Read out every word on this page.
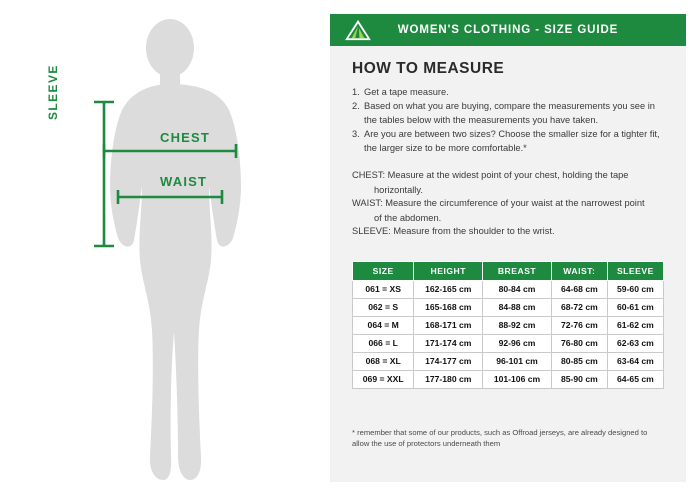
CHEST
WAIST
SLEEVE
WOMEN'S CLOTHING - SIZE GUIDE
HOW TO MEASURE
1. Get a tape measure.
2. Based on what you are buying, compare the measurements you see in the tables below with the measurements you have taken.
3. Are you are between two sizes? Choose the smaller size for a tighter fit, the larger size to be more comfortable.*
CHEST: Measure at the widest point of your chest, holding the tape
horizontally.
WAIST: Measure the circumference of your waist at the narrowest point
of the abdomen.
SLEEVE: Measure from the shoulder to the wrist.
SIZE	HEIGHT	BREAST	WAIST:	SLEEVE
061 = XS	162-165 cm	80-84 cm	64-68 cm	59-60 cm
062 = S	165-168 cm	84-88 cm	68-72 cm	60-61 cm
064 = M	168-171 cm	88-92 cm	72-76 cm	61-62 cm
066 = L	171-174 cm	92-96 cm	76-80 cm	62-63 cm
068 = XL	174-177 cm	96-101 cm	80-85 cm	63-64 cm
069 = XXL	177-180 cm	101-106 cm	85-90 cm	64-65 cm
* remember that some of our products, such as Offroad jerseys, are already designed to allow the use of protectors underneath them
